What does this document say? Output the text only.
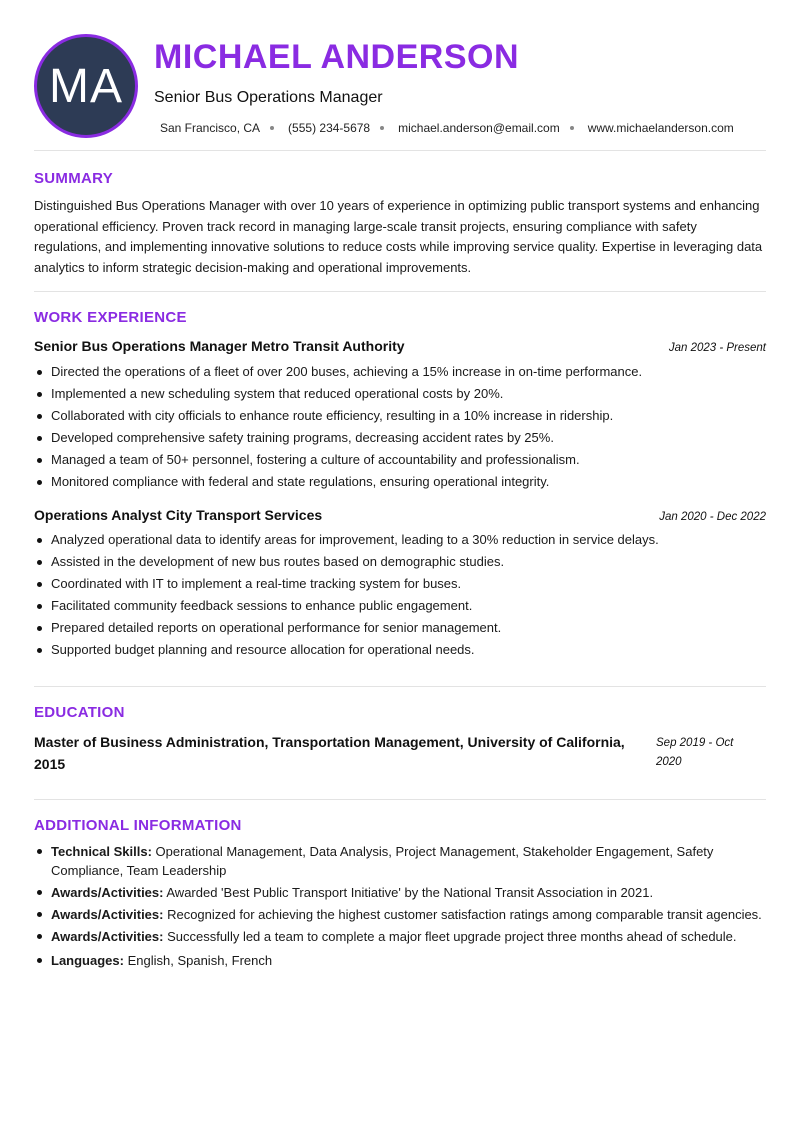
MA
MICHAEL ANDERSON
Senior Bus Operations Manager
San Francisco, CA (555) 234-5678 michael.anderson@email.com www.michaelanderson.com
SUMMARY
Distinguished Bus Operations Manager with over 10 years of experience in optimizing public transport systems and enhancing operational efficiency. Proven track record in managing large-scale transit projects, ensuring compliance with safety regulations, and implementing innovative solutions to reduce costs while improving service quality. Expertise in leveraging data analytics to inform strategic decision-making and operational improvements.
WORK EXPERIENCE
Senior Bus Operations Manager Metro Transit Authority	Jan 2023 - Present
Directed the operations of a fleet of over 200 buses, achieving a 15% increase in on-time performance.
Implemented a new scheduling system that reduced operational costs by 20%.
Collaborated with city officials to enhance route efficiency, resulting in a 10% increase in ridership.
Developed comprehensive safety training programs, decreasing accident rates by 25%.
Managed a team of 50+ personnel, fostering a culture of accountability and professionalism.
Monitored compliance with federal and state regulations, ensuring operational integrity.
Operations Analyst City Transport Services	Jan 2020 - Dec 2022
Analyzed operational data to identify areas for improvement, leading to a 30% reduction in service delays.
Assisted in the development of new bus routes based on demographic studies.
Coordinated with IT to implement a real-time tracking system for buses.
Facilitated community feedback sessions to enhance public engagement.
Prepared detailed reports on operational performance for senior management.
Supported budget planning and resource allocation for operational needs.
EDUCATION
Master of Business Administration, Transportation Management, University of California, 2015
Sep 2019 - Oct 2020
ADDITIONAL INFORMATION
Technical Skills: Operational Management, Data Analysis, Project Management, Stakeholder Engagement, Safety Compliance, Team Leadership
Awards/Activities: Awarded 'Best Public Transport Initiative' by the National Transit Association in 2021.
Awards/Activities: Recognized for achieving the highest customer satisfaction ratings among comparable transit agencies.
Awards/Activities: Successfully led a team to complete a major fleet upgrade project three months ahead of schedule.
Languages: English, Spanish, French
